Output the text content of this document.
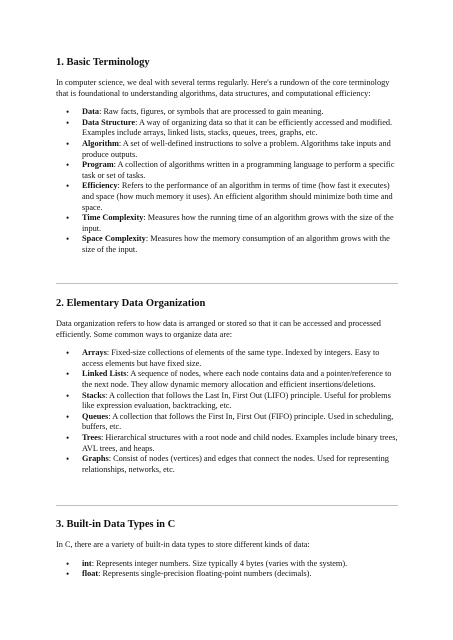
1. Basic Terminology

In computer science, we deal with several terms regularly. Here's a rundown of the core terminology that is foundational to understanding algorithms, data structures, and computational efficiency:

• Data: Raw facts, figures, or symbols that are processed to gain meaning.
• Data Structure: A way of organizing data so that it can be efficiently accessed and modified. Examples include arrays, linked lists, stacks, queues, trees, graphs, etc.
• Algorithm: A set of well-defined instructions to solve a problem. Algorithms take inputs and produce outputs.
• Program: A collection of algorithms written in a programming language to perform a specific task or set of tasks.
• Efficiency: Refers to the performance of an algorithm in terms of time (how fast it executes) and space (how much memory it uses). An efficient algorithm should minimize both time and space.
• Time Complexity: Measures how the running time of an algorithm grows with the size of the input.
• Space Complexity: Measures how the memory consumption of an algorithm grows with the size of the input.
2. Elementary Data Organization

Data organization refers to how data is arranged or stored so that it can be accessed and processed efficiently. Some common ways to organize data are:

• Arrays: Fixed-size collections of elements of the same type. Indexed by integers. Easy to access elements but have fixed size.
• Linked Lists: A sequence of nodes, where each node contains data and a pointer/reference to the next node. They allow dynamic memory allocation and efficient insertions/deletions.
• Stacks: A collection that follows the Last In, First Out (LIFO) principle. Useful for problems like expression evaluation, backtracking, etc.
• Queues: A collection that follows the First In, First Out (FIFO) principle. Used in scheduling, buffers, etc.
• Trees: Hierarchical structures with a root node and child nodes. Examples include binary trees, AVL trees, and heaps.
• Graphs: Consist of nodes (vertices) and edges that connect the nodes. Used for representing relationships, networks, etc.
3. Built-in Data Types in C

In C, there are a variety of built-in data types to store different kinds of data:

• int: Represents integer numbers. Size typically 4 bytes (varies with the system).
• float: Represents single-precision floating-point numbers (decimals).
